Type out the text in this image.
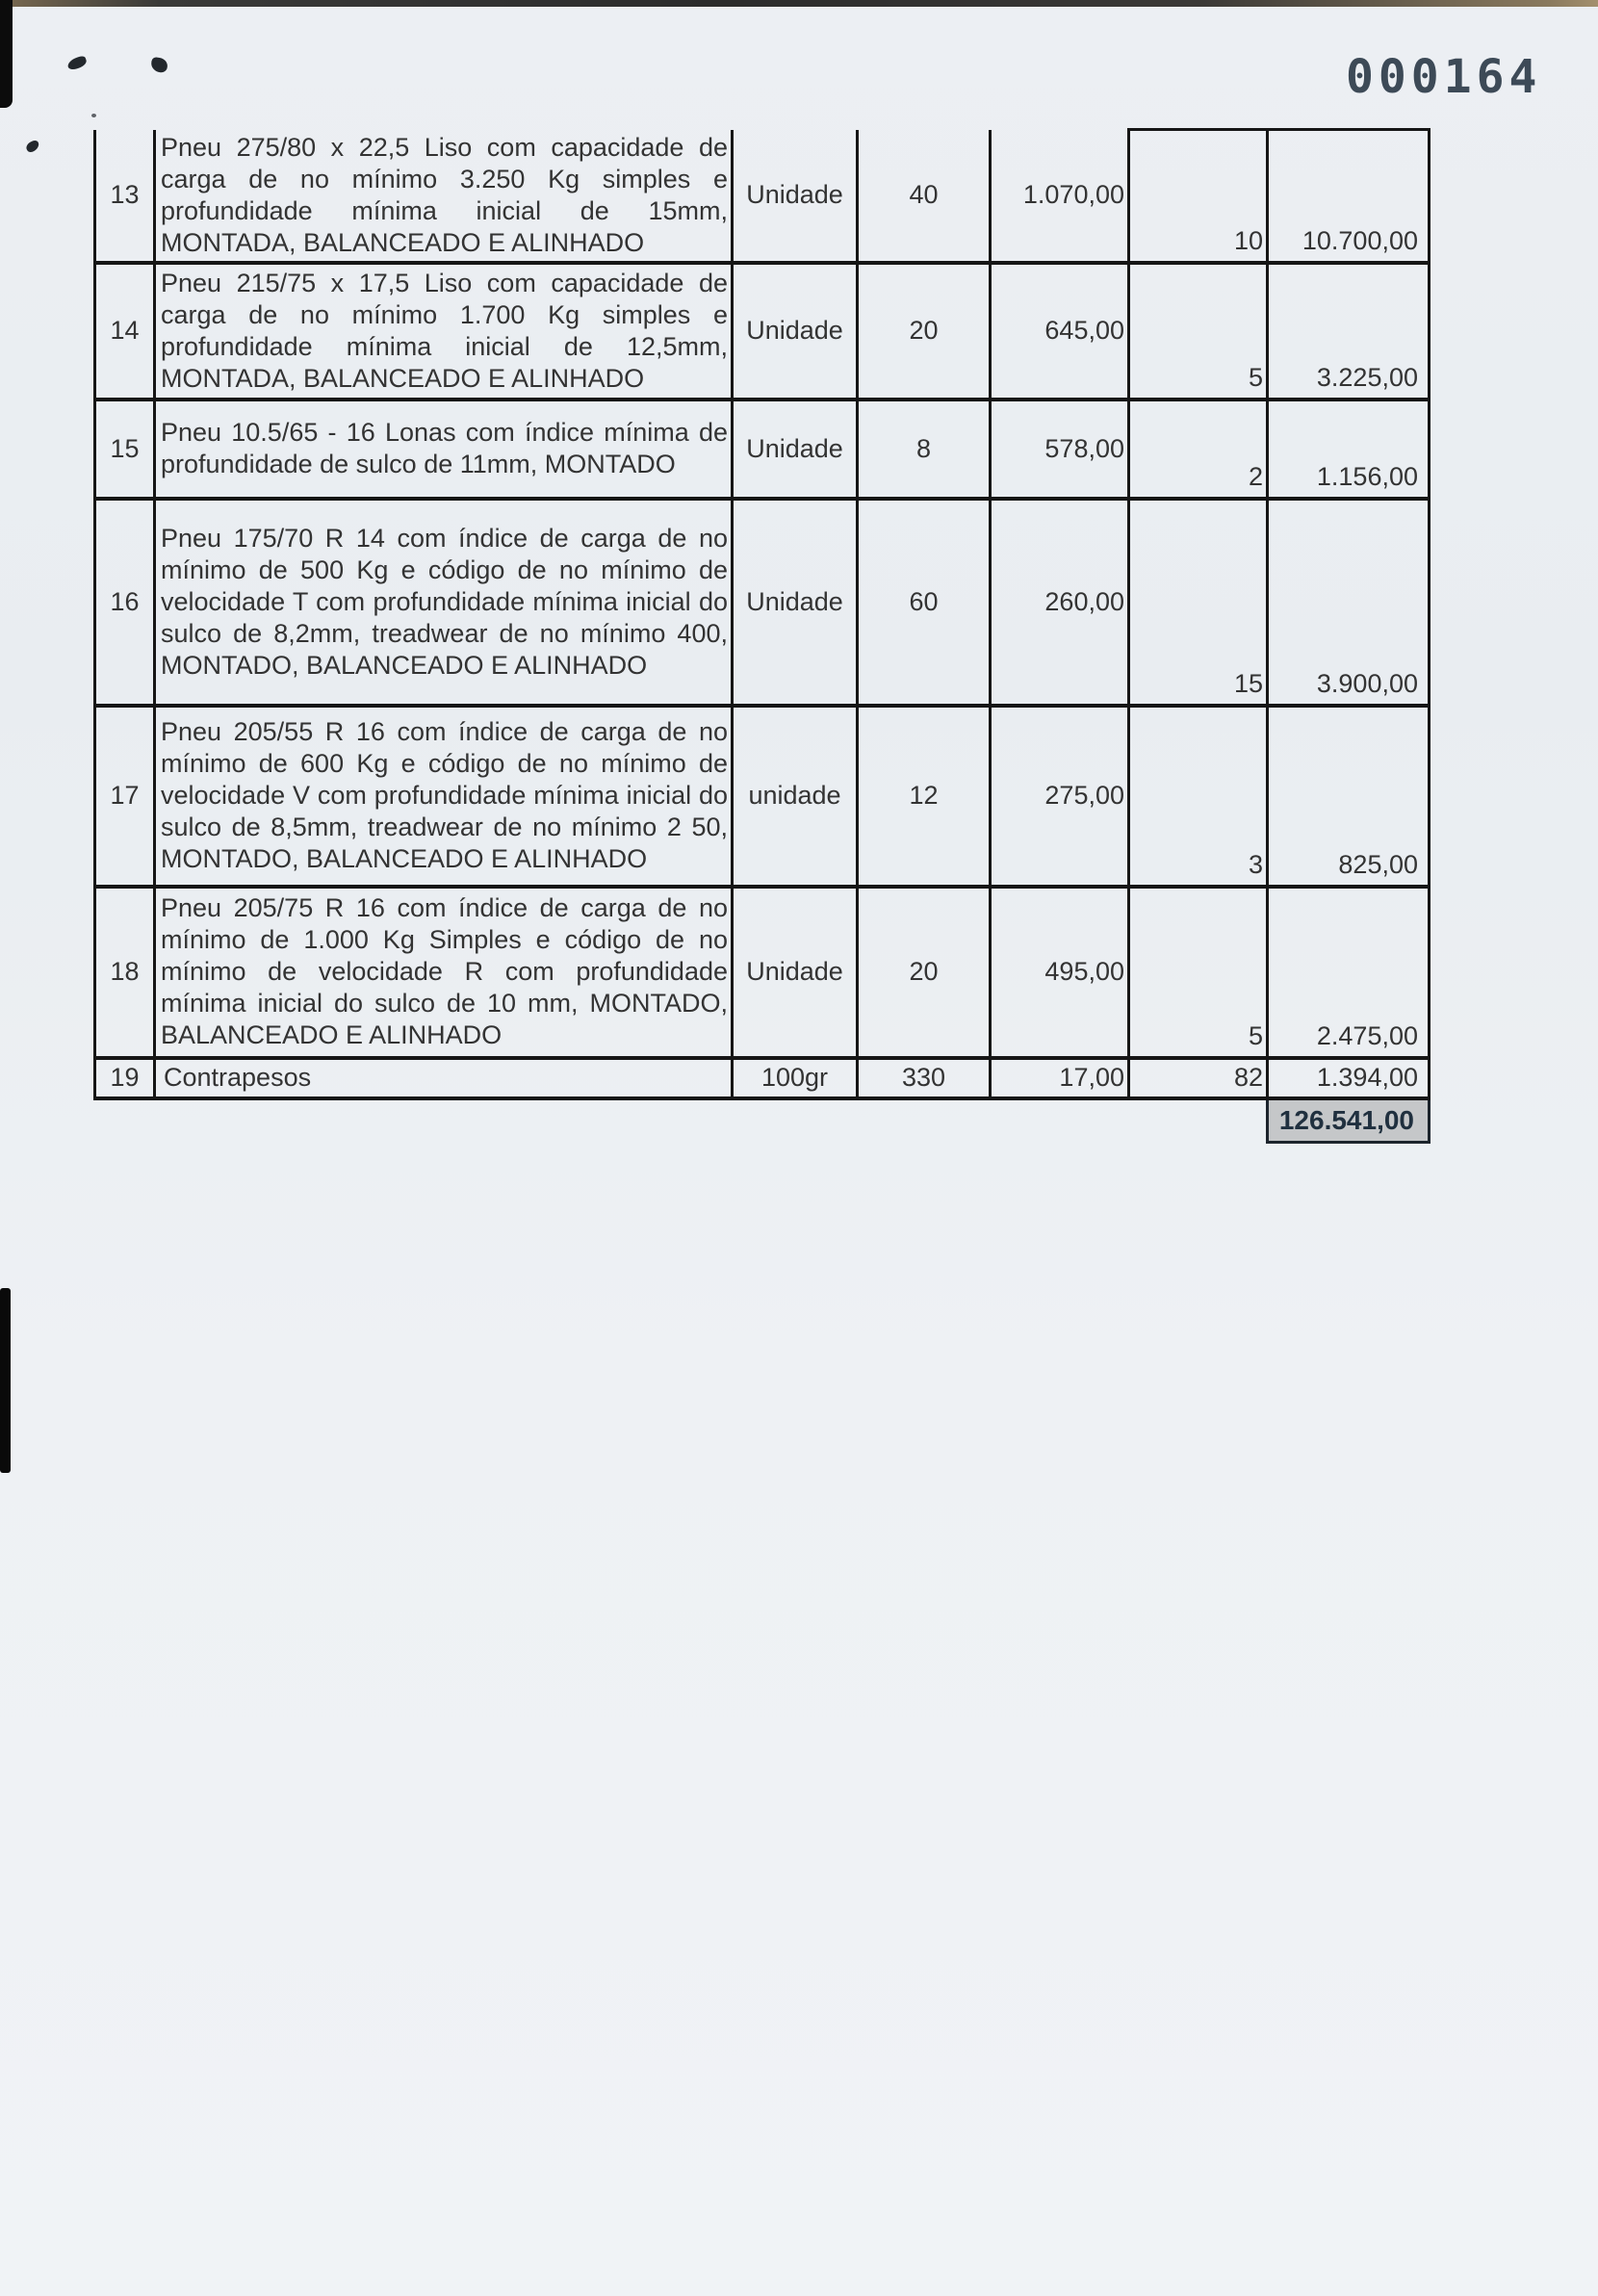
000164
13	Pneu 275/80 x 22,5 Liso com capacidade de carga de no mínimo 3.250 Kg simples e profundidade mínima inicial de 15mm, MONTADA, BALANCEADO E ALINHADO	Unidade	40	1.070,00	10	10.700,00
14	Pneu 215/75 x 17,5 Liso com capacidade de carga de no mínimo 1.700 Kg simples e profundidade mínima inicial de 12,5mm, MONTADA, BALANCEADO E ALINHADO	Unidade	20	645,00	5	3.225,00
15	Pneu 10.5/65 - 16 Lonas com índice mínima de profundidade de sulco de 11mm, MONTADO	Unidade	8	578,00	2	1.156,00
16	Pneu 175/70 R 14 com índice de carga de no mínimo de 500 Kg e código de no mínimo de velocidade T com profundidade mínima inicial do sulco de 8,2mm, treadwear de no mínimo 400, MONTADO, BALANCEADO E ALINHADO	Unidade	60	260,00	15	3.900,00
17	Pneu 205/55 R 16 com índice de carga de no mínimo de 600 Kg e código de no mínimo de velocidade V com profundidade mínima inicial do sulco de 8,5mm, treadwear de no mínimo 2 50, MONTADO, BALANCEADO E ALINHADO	unidade	12	275,00	3	825,00
18	Pneu 205/75 R 16 com índice de carga de no mínimo de 1.000 Kg Simples e código de no mínimo de velocidade R com profundidade mínima inicial do sulco de 10 mm, MONTADO, BALANCEADO E ALINHADO	Unidade	20	495,00	5	2.475,00
19	Contrapesos	100gr	330	17,00	82	1.394,00
						126.541,00
